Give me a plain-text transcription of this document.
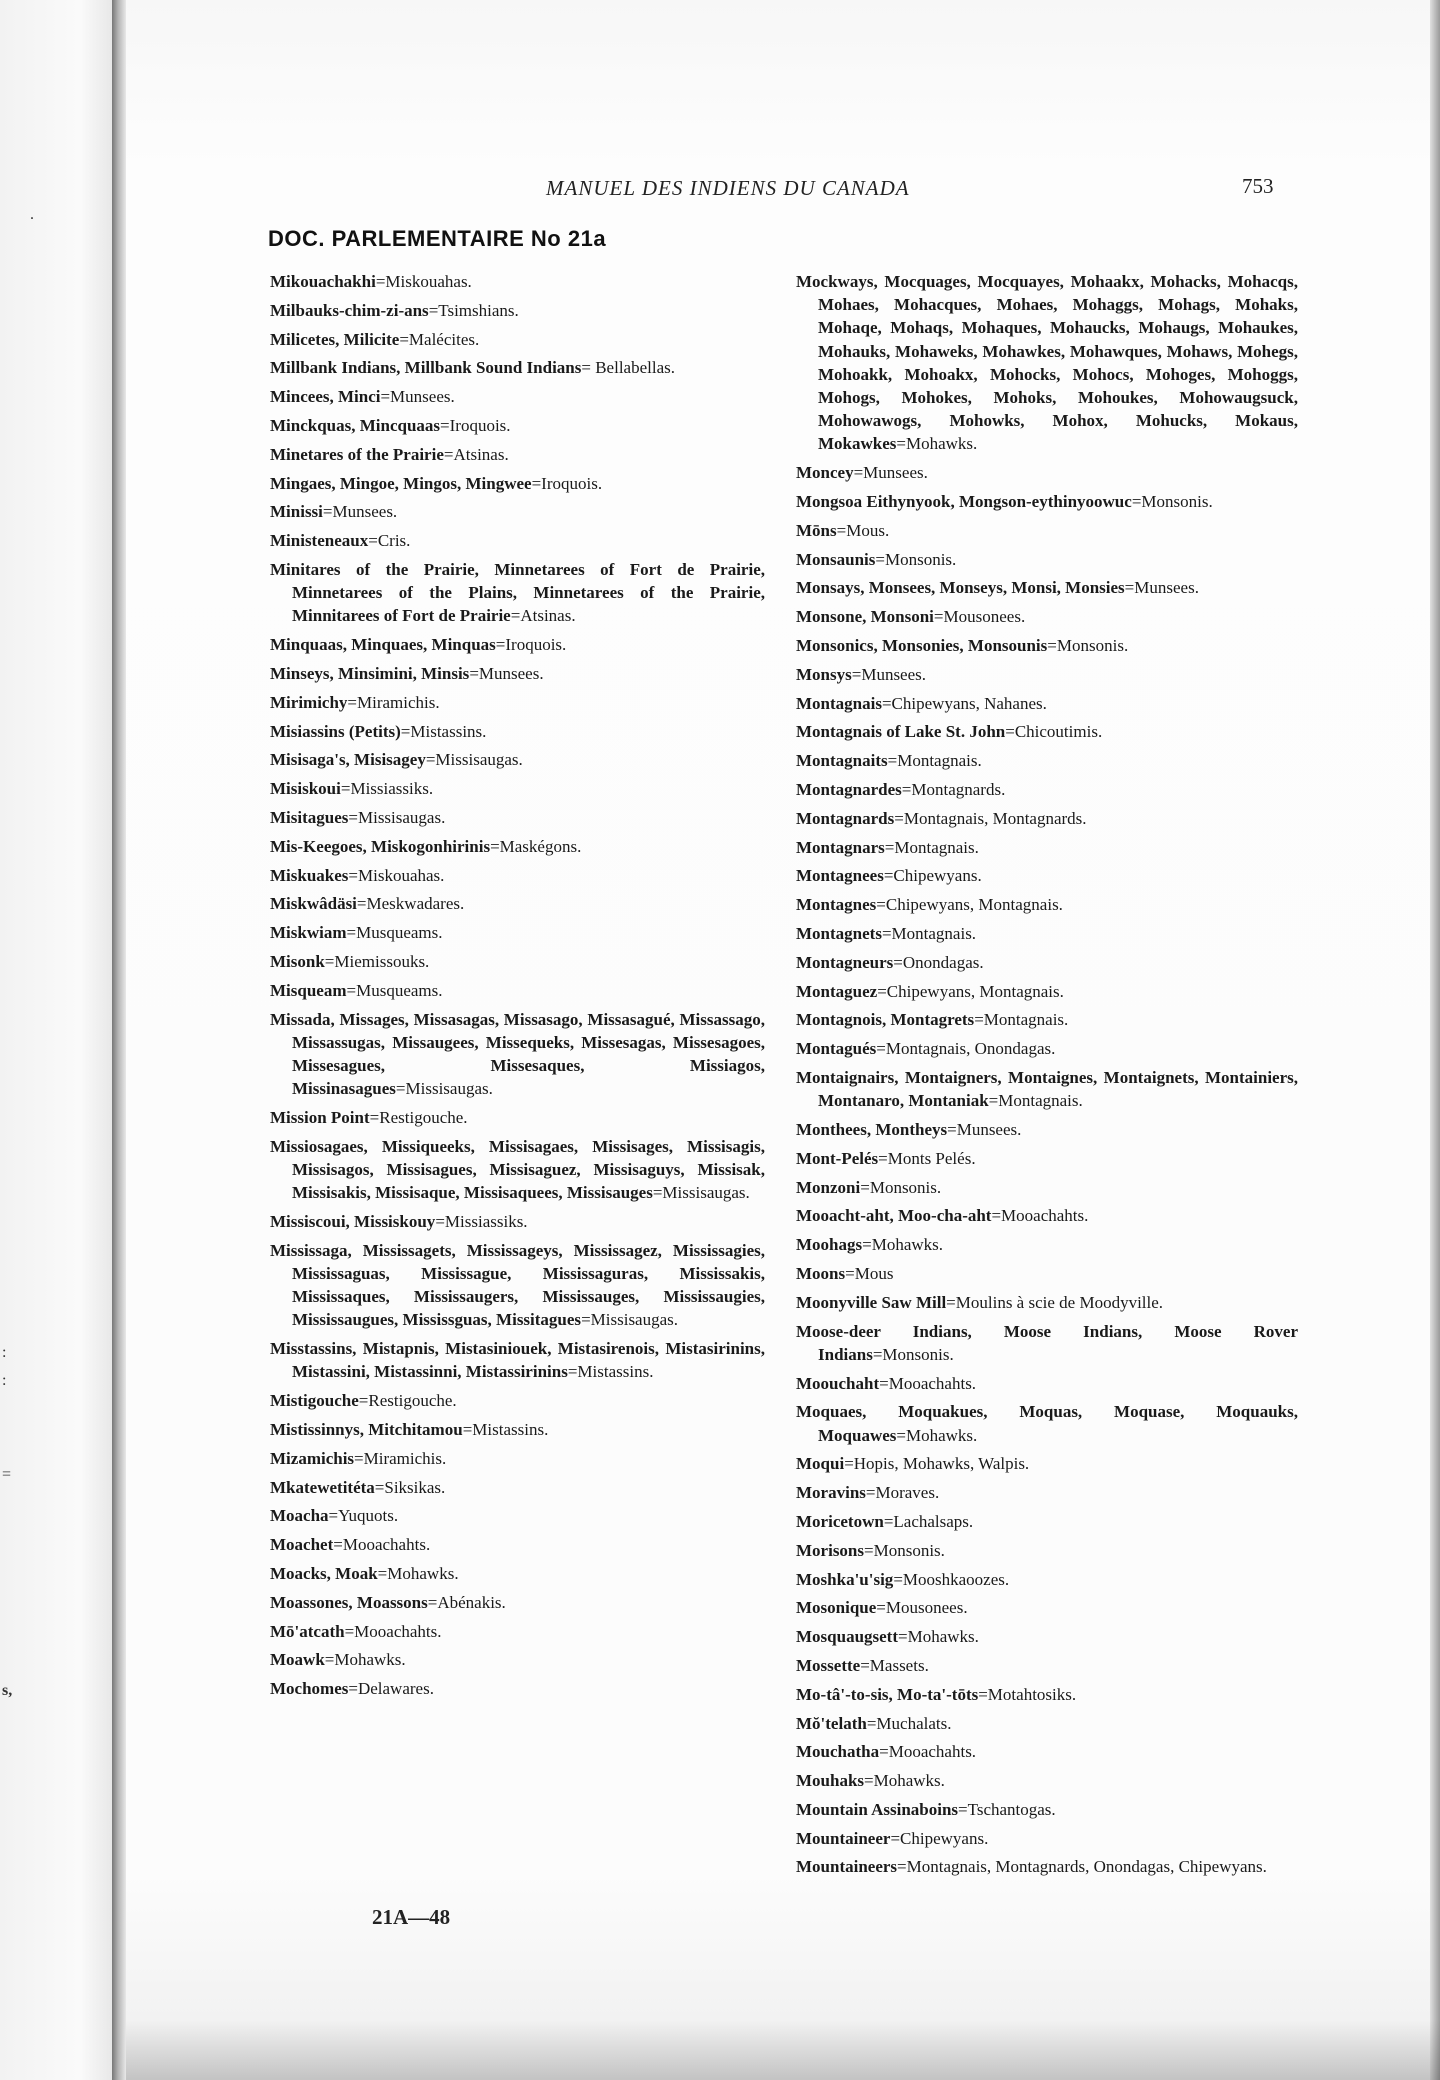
.
:
:
=
s,
MANUEL DES INDIENS DU CANADA	753
DOC. PARLEMENTAIRE No 21a

Mikouachakhi=Miskouahas.

Milbauks-chim-zi-ans=Tsimshians.

Milicetes, Milicite=Malécites.

Millbank Indians, Millbank Sound Indians= Bellabellas.

Mincees, Minci=Munsees.

Minckquas, Mincquaas=Iroquois.

Minetares of the Prairie=Atsinas.

Mingaes, Mingoe, Mingos, Mingwee=Iroquois.

Minissi=Munsees.

Ministeneaux=Cris.

Minitares of the Prairie, Minnetarees of Fort de Prairie, Minnetarees of the Plains, Minnetarees of the Prairie, Minnitarees of Fort de Prairie=Atsinas.

Minquaas, Minquaes, Minquas=Iroquois.

Minseys, Minsimini, Minsis=Munsees.

Mirimichy=Miramichis.

Misiassins (Petits)=Mistassins.

Misisaga's, Misisagey=Missisaugas.

Misiskoui=Missiassiks.

Misitagues=Missisaugas.

Mis-Keegoes, Miskogonhirinis=Maskégons.

Miskuakes=Miskouahas.

Miskwâdäsi=Meskwadares.

Miskwiam=Musqueams.

Misonk=Miemissouks.

Misqueam=Musqueams.

Missada, Missages, Missasagas, Missasago, Missasagué, Missassago, Missassugas, Missaugees, Missequeks, Missesagas, Missesagoes, Missesagues, Missesaques, Missiagos, Missinasagues=Missisaugas.

Mission Point=Restigouche.

Missiosagaes, Missiqueeks, Missisagaes, Missisages, Missisagis, Missisagos, Missisagues, Missisaguez, Missisaguys, Missisak, Missisakis, Missisaque, Missisaquees, Missisauges=Missisaugas.

Missiscoui, Missiskouy=Missiassiks.

Mississaga, Mississagets, Mississageys, Mississagez, Mississagies, Mississaguas, Mississague, Mississaguras, Mississakis, Mississaques, Mississaugers, Mississauges, Mississaugies, Mississaugues, Mississguas, Missitagues=Missisaugas.

Misstassins, Mistapnis, Mistasiniouek, Mistasirenois, Mistasirinins, Mistassini, Mistassinni, Mistassirinins=Mistassins.

Mistigouche=Restigouche.

Mistissinnys, Mitchitamou=Mistassins.

Mizamichis=Miramichis.

Mkatewetitéta=Siksikas.

Moacha=Yuquots.

Moachet=Mooachahts.

Moacks, Moak=Mohawks.

Moassones, Moassons=Abénakis.

Mō'atcath=Mooachahts.

Moawk=Mohawks.

Mochomes=Delawares.

Mockways, Mocquages, Mocquayes, Mohaakx, Mohacks, Mohacqs, Mohaes, Mohacques, Mohaes, Mohaggs, Mohags, Mohaks, Mohaqe, Mohaqs, Mohaques, Mohaucks, Mohaugs, Mohaukes, Mohauks, Mohaweks, Mohawkes, Mohawques, Mohaws, Mohegs, Mohoakk, Mohoakx, Mohocks, Mohocs, Mohoges, Mohoggs, Mohogs, Mohokes, Mohoks, Mohoukes, Mohowaugsuck, Mohowawogs, Mohowks, Mohox, Mohucks, Mokaus, Mokawkes=Mohawks.

Moncey=Munsees.

Mongsoa Eithynyook, Mongson-eythinyoowuc=Monsonis.

Mōns=Mous.

Monsaunis=Monsonis.

Monsays, Monsees, Monseys, Monsi, Monsies=Munsees.

Monsone, Monsoni=Mousonees.

Monsonics, Monsonies, Monsounis=Monsonis.

Monsys=Munsees.

Montagnais=Chipewyans, Nahanes.

Montagnais of Lake St. John=Chicoutimis.

Montagnaits=Montagnais.

Montagnardes=Montagnards.

Montagnards=Montagnais, Montagnards.

Montagnars=Montagnais.

Montagnees=Chipewyans.

Montagnes=Chipewyans, Montagnais.

Montagnets=Montagnais.

Montagneurs=Onondagas.

Montaguez=Chipewyans, Montagnais.

Montagnois, Montagrets=Montagnais.

Montagués=Montagnais, Onondagas.

Montaignairs, Montaigners, Montaignes, Montaignets, Montainiers, Montanaro, Montaniak=Montagnais.

Monthees, Montheys=Munsees.

Mont-Pelés=Monts Pelés.

Monzoni=Monsonis.

Mooacht-aht, Moo-cha-aht=Mooachahts.

Moohags=Mohawks.

Moons=Mous

Moonyville Saw Mill=Moulins à scie de Moodyville.

Moose-deer Indians, Moose Indians, Moose Rover Indians=Monsonis.

Moouchaht=Mooachahts.

Moquaes, Moquakues, Moquas, Moquase, Moquauks, Moquawes=Mohawks.

Moqui=Hopis, Mohawks, Walpis.

Moravins=Moraves.

Moricetown=Lachalsaps.

Morisons=Monsonis.

Moshka'u'sig=Mooshkaoozes.

Mosonique=Mousonees.

Mosquaugsett=Mohawks.

Mossette=Massets.

Mo-tâ'-to-sis, Mo-ta'-tōts=Motahtosiks.

Mŏ'telath=Muchalats.

Mouchatha=Mooachahts.

Mouhaks=Mohawks.

Mountain Assinaboins=Tschantogas.

Mountaineer=Chipewyans.

Mountaineers=Montagnais, Montagnards, Onondagas, Chipewyans.

21A—48
